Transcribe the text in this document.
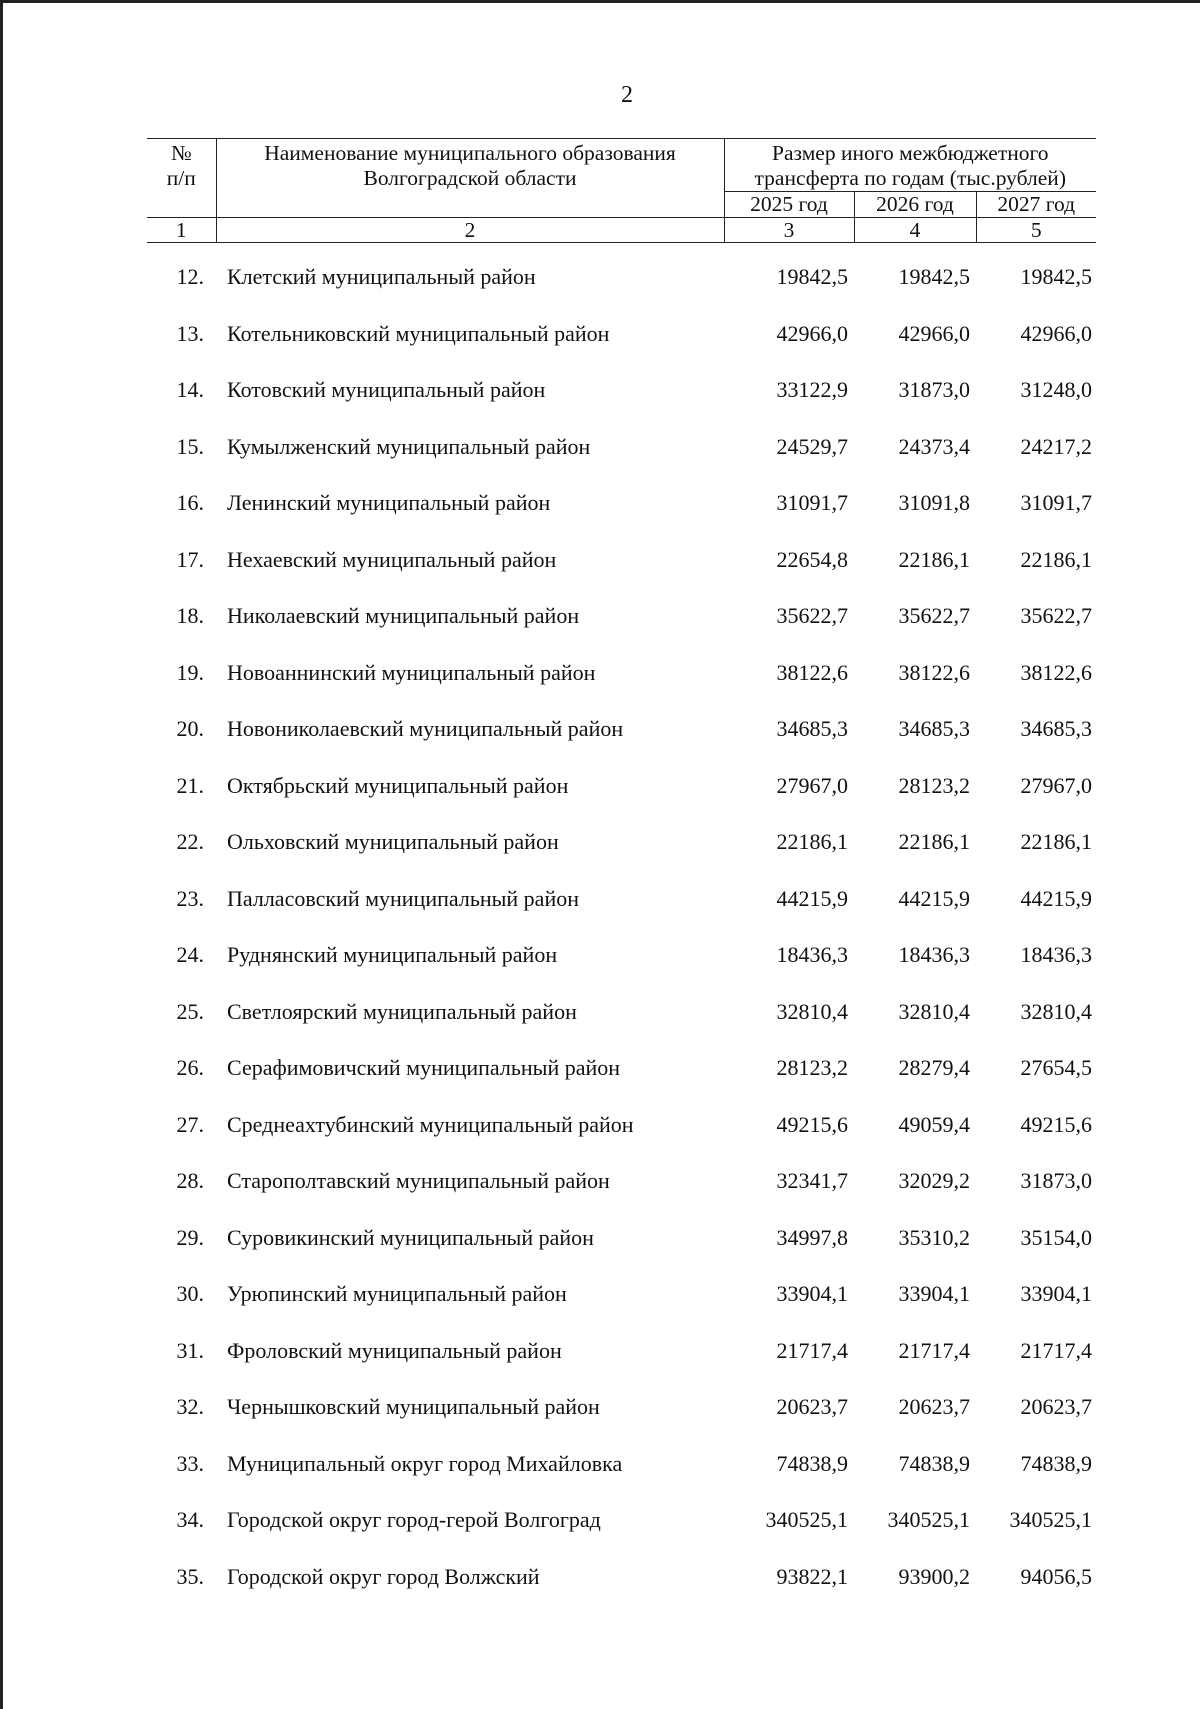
2
№ п/п	Наименование муниципального образования Волгоградской области	Размер иного межбюджетного трансферта по годам (тыс.рублей)		
		2025 год	2026 год	2027 год
1	2	3	4	5
12. Клетский муниципальный район	19842,5 19842,5 19842,5
13. Котельниковский муниципальный район	42966,0 42966,0 42966,0
14. Котовский муниципальный район	33122,9 31873,0 31248,0
15. Кумылженский муниципальный район	24529,7 24373,4 24217,2
16. Ленинский муниципальный район	31091,7 31091,8 31091,7
17. Нехаевский муниципальный район	22654,8 22186,1 22186,1
18. Николаевский муниципальный район	35622,7 35622,7 35622,7
19. Новоаннинский муниципальный район	38122,6 38122,6 38122,6
20. Новониколаевский муниципальный район	34685,3 34685,3 34685,3
21. Октябрьский муниципальный район	27967,0 28123,2 27967,0
22. Ольховский муниципальный район	22186,1 22186,1 22186,1
23. Палласовский муниципальный район	44215,9 44215,9 44215,9
24. Руднянский муниципальный район	18436,3 18436,3 18436,3
25. Светлоярский муниципальный район	32810,4 32810,4 32810,4
26. Серафимовичский муниципальный район	28123,2 28279,4 27654,5
27. Среднеахтубинский муниципальный район	49215,6 49059,4 49215,6
28. Старополтавский муниципальный район	32341,7 32029,2 31873,0
29. Суровикинский муниципальный район	34997,8 35310,2 35154,0
30. Урюпинский муниципальный район	33904,1 33904,1 33904,1
31. Фроловский муниципальный район	21717,4 21717,4 21717,4
32. Чернышковский муниципальный район	20623,7 20623,7 20623,7
33. Муниципальный округ город Михайловка	74838,9 74838,9 74838,9
34. Городской округ город-герой Волгоград	340525,1 340525,1 340525,1
35. Городской округ город Волжский	93822,1 93900,2 94056,5
